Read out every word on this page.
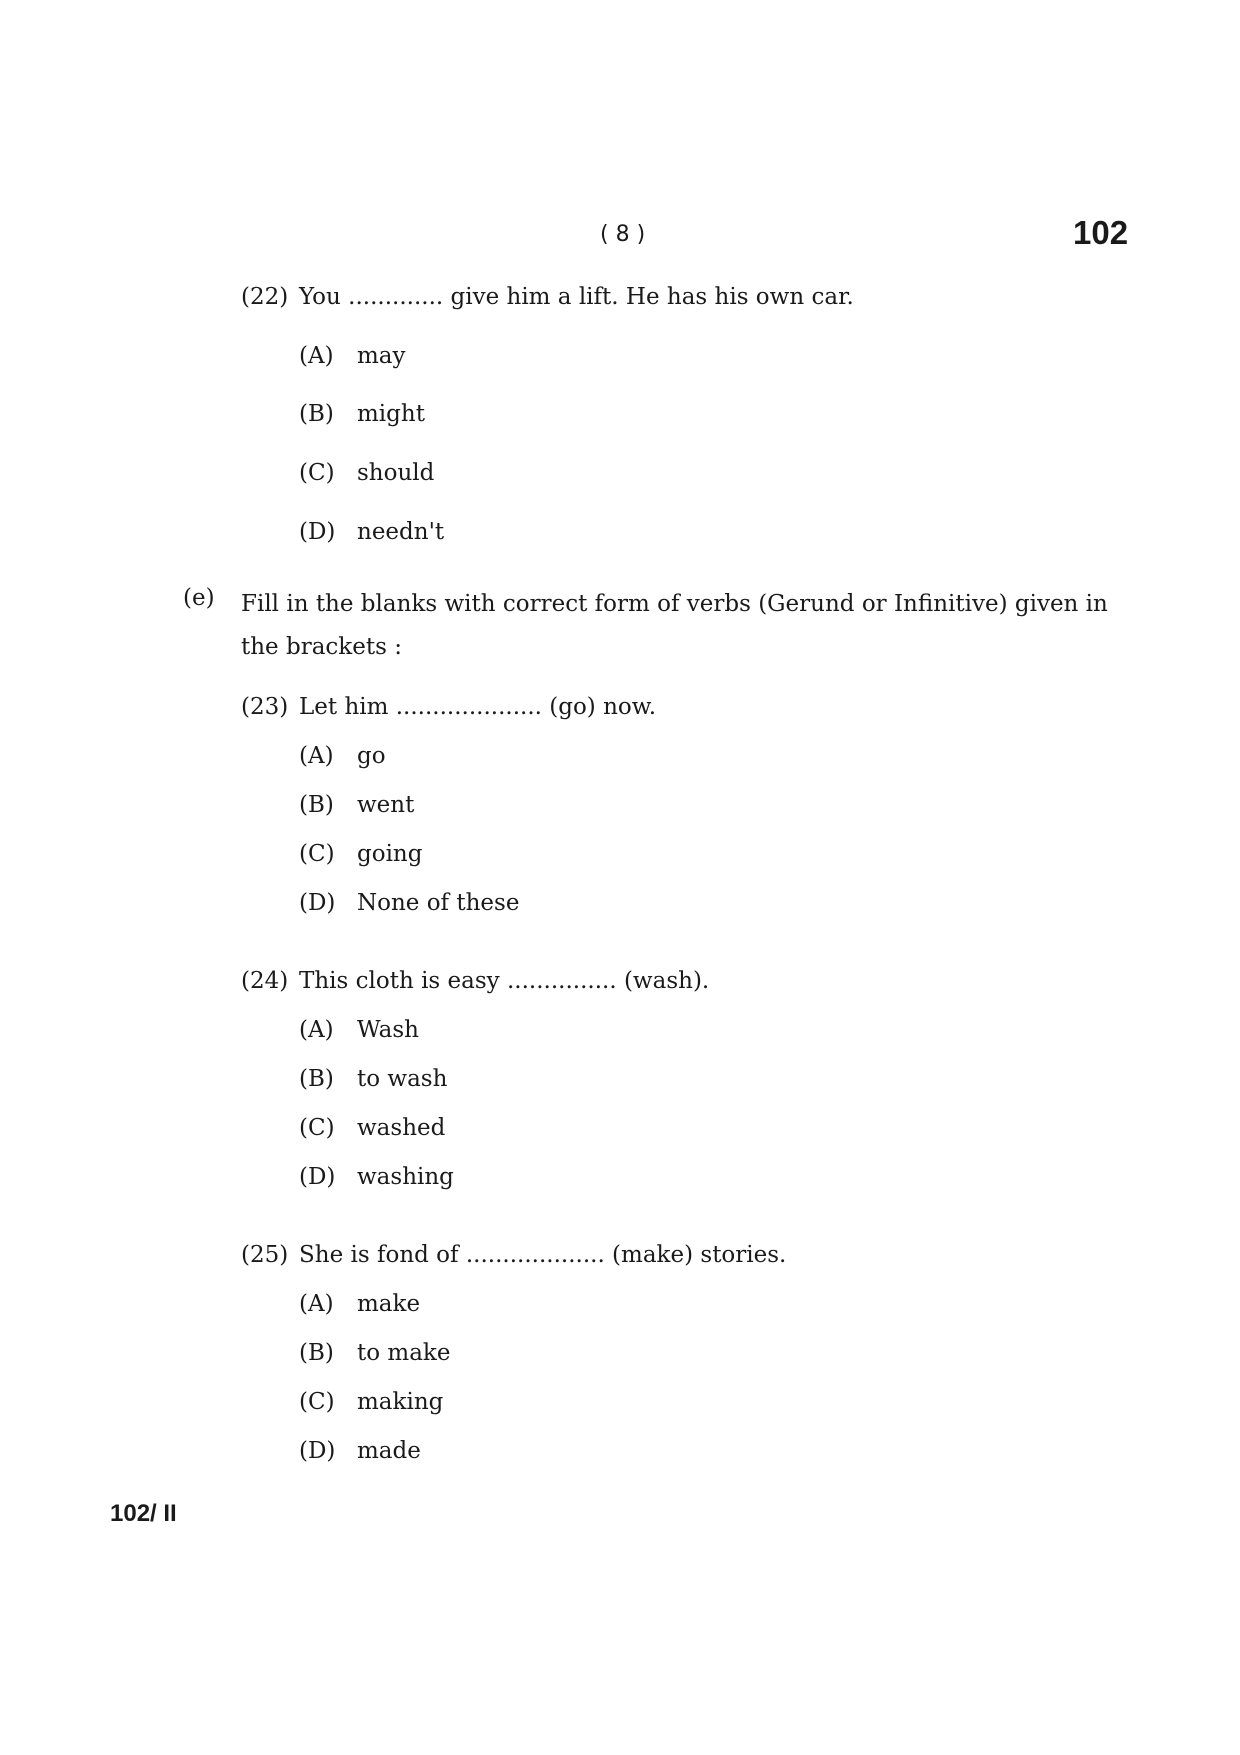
( 8 )	102
(22) You ............. give him a lift. He has his own car.
(A) may
(B) might
(C) should
(D) needn't
(e) Fill in the blanks with correct form of verbs (Gerund or Infinitive) given in the brackets :
(23) Let him .................... (go) now.
(A) go
(B) went
(C) going
(D) None of these
(24) This cloth is easy ............... (wash).
(A) Wash
(B) to wash
(C) washed
(D) washing
(25) She is fond of ................... (make) stories.
(A) make
(B) to make
(C) making
(D) made
102/ II
